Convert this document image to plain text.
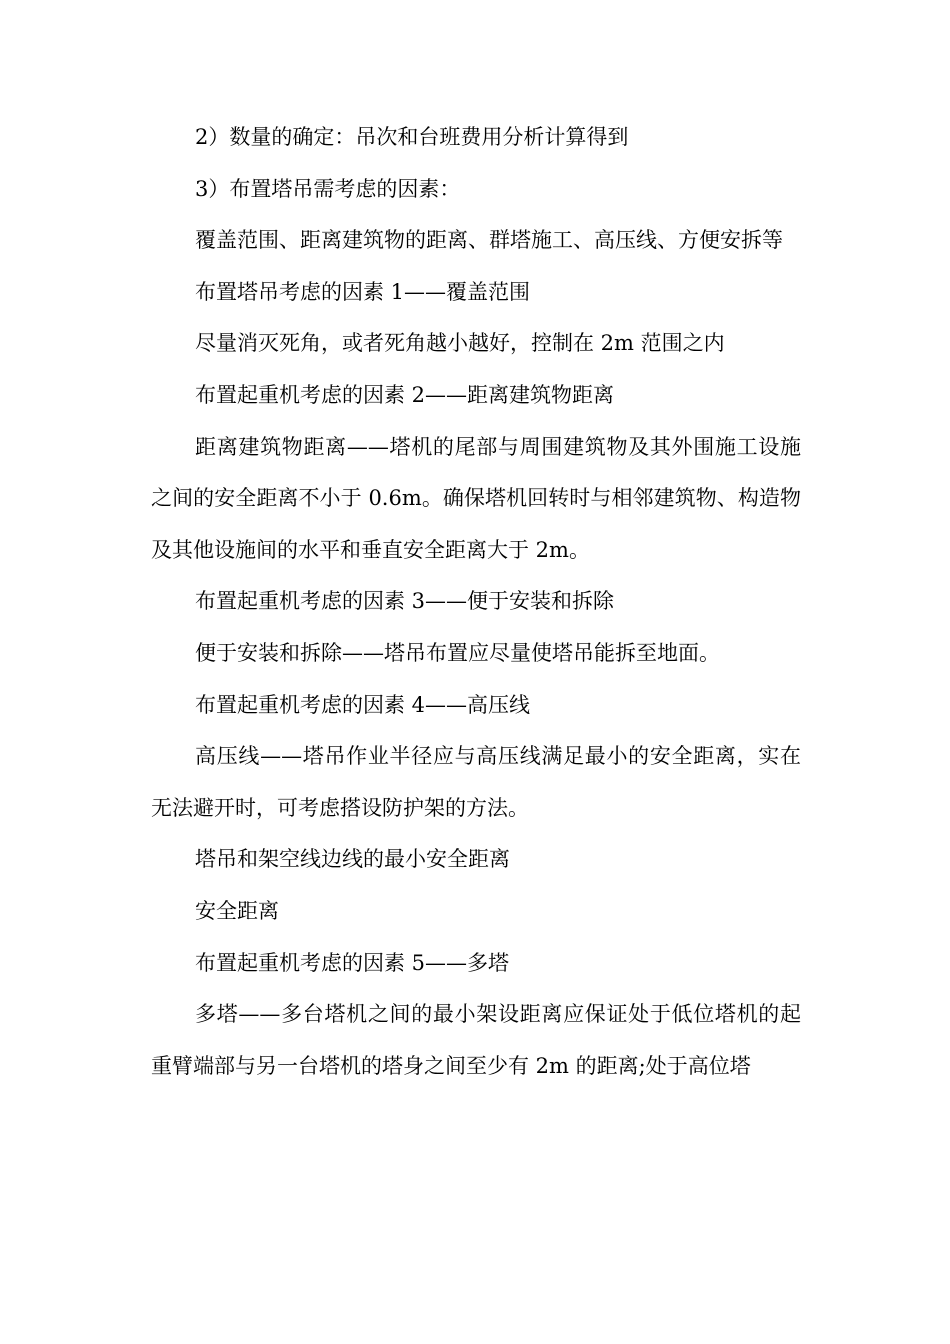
2）数量的确定：吊次和台班费用分析计算得到

3）布置塔吊需考虑的因素：

覆盖范围、距离建筑物的距离、群塔施工、高压线、方便安拆等

布置塔吊考虑的因素 1——覆盖范围

尽量消灭死角，或者死角越小越好，控制在 2m 范围之内

布置起重机考虑的因素 2——距离建筑物距离

距离建筑物距离——塔机的尾部与周围建筑物及其外围施工设施之间的安全距离不小于 0.6m。确保塔机回转时与相邻建筑物、构造物及其他设施间的水平和垂直安全距离大于 2m。

布置起重机考虑的因素 3——便于安装和拆除

便于安装和拆除——塔吊布置应尽量使塔吊能拆至地面。

布置起重机考虑的因素 4——高压线

高压线——塔吊作业半径应与高压线满足最小的安全距离，实在无法避开时，可考虑搭设防护架的方法。

塔吊和架空线边线的最小安全距离

安全距离

布置起重机考虑的因素 5——多塔

多塔——多台塔机之间的最小架设距离应保证处于低位塔机的起重臂端部与另一台塔机的塔身之间至少有 2m 的距离;处于高位塔
